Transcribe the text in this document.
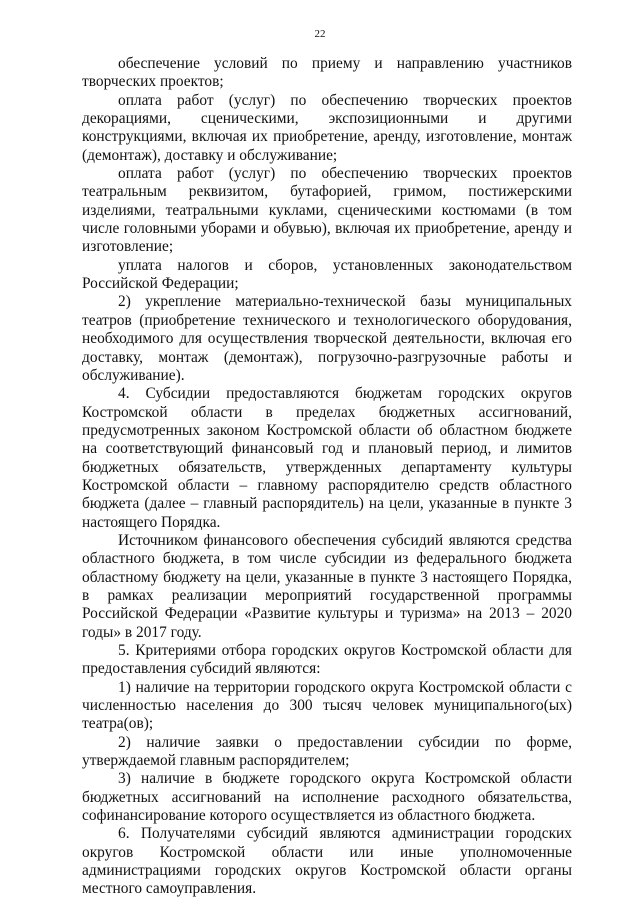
22

обеспечение условий по приему и направлению участников творческих проектов;

оплата работ (услуг) по обеспечению творческих проектов декорациями, сценическими, экспозиционными и другими конструкциями, включая их приобретение, аренду, изготовление, монтаж (демонтаж), доставку и обслуживание;

оплата работ (услуг) по обеспечению творческих проектов театральным реквизитом, бутафорией, гримом, постижерскими изделиями, театральными куклами, сценическими костюмами (в том числе головными уборами и обувью), включая их приобретение, аренду и изготовление;

уплата налогов и сборов, установленных законодательством Российской Федерации;

2) укрепление материально-технической базы муниципальных театров (приобретение технического и технологического оборудования, необходимого для осуществления творческой деятельности, включая его доставку, монтаж (демонтаж), погрузочно-разгрузочные работы и обслуживание).

4. Субсидии предоставляются бюджетам городских округов Костромской области в пределах бюджетных ассигнований, предусмотренных законом Костромской области об областном бюджете на соответствующий финансовый год и плановый период, и лимитов бюджетных обязательств, утвержденных департаменту культуры Костромской области – главному распорядителю средств областного бюджета (далее – главный распорядитель) на цели, указанные в пункте 3 настоящего Порядка.

Источником финансового обеспечения субсидий являются средства областного бюджета, в том числе субсидии из федерального бюджета областному бюджету на цели, указанные в пункте 3 настоящего Порядка, в рамках реализации мероприятий государственной программы Российской Федерации «Развитие культуры и туризма» на 2013 – 2020 годы» в 2017 году.

5. Критериями отбора городских округов Костромской области для предоставления субсидий являются:

1) наличие на территории городского округа Костромской области с численностью населения до 300 тысяч человек муниципального(ых) театра(ов);

2) наличие заявки о предоставлении субсидии по форме, утверждаемой главным распорядителем;

3) наличие в бюджете городского округа Костромской области бюджетных ассигнований на исполнение расходного обязательства, софинансирование которого осуществляется из областного бюджета.

6. Получателями субсидий являются администрации городских округов Костромской области или иные уполномоченные администрациями городских округов Костромской области органы местного самоуправления.
